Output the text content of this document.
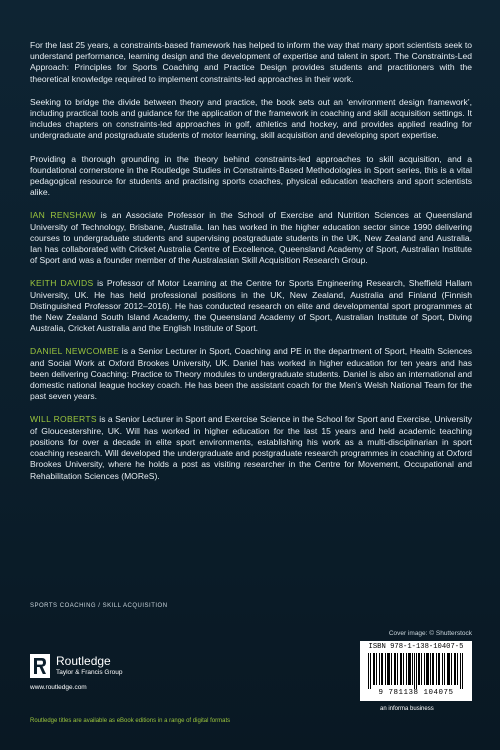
For the last 25 years, a constraints-based framework has helped to inform the way that many sport scientists seek to understand performance, learning design and the development of expertise and talent in sport. The Constraints-Led Approach: Principles for Sports Coaching and Practice Design provides students and practitioners with the theoretical knowledge required to implement constraints-led approaches in their work.

Seeking to bridge the divide between theory and practice, the book sets out an ‘environment design framework’, including practical tools and guidance for the application of the framework in coaching and skill acquisition settings. It includes chapters on constraints-led approaches in golf, athletics and hockey, and provides applied reading for undergraduate and postgraduate students of motor learning, skill acquisition and developing sport expertise.

Providing a thorough grounding in the theory behind constraints-led approaches to skill acquisition, and a foundational cornerstone in the Routledge Studies in Constraints-Based Methodologies in Sport series, this is a vital pedagogical resource for students and practising sports coaches, physical education teachers and sport scientists alike.

IAN RENSHAW is an Associate Professor in the School of Exercise and Nutrition Sciences at Queensland University of Technology, Brisbane, Australia. Ian has worked in the higher education sector since 1990 delivering courses to undergraduate students and supervising postgraduate students in the UK, New Zealand and Australia. Ian has collaborated with Cricket Australia Centre of Excellence, Queensland Academy of Sport, Australian Institute of Sport and was a founder member of the Australasian Skill Acquisition Research Group.

KEITH DAVIDS is Professor of Motor Learning at the Centre for Sports Engineering Research, Sheffield Hallam University, UK. He has held professional positions in the UK, New Zealand, Australia and Finland (Finnish Distinguished Professor 2012–2016). He has conducted research on elite and developmental sport programmes at the New Zealand South Island Academy, the Queensland Academy of Sport, Australian Institute of Sport, Diving Australia, Cricket Australia and the English Institute of Sport.

DANIEL NEWCOMBE is a Senior Lecturer in Sport, Coaching and PE in the department of Sport, Health Sciences and Social Work at Oxford Brookes University, UK. Daniel has worked in higher education for ten years and has been delivering Coaching: Practice to Theory modules to undergraduate students. Daniel is also an international and domestic national league hockey coach. He has been the assistant coach for the Men’s Welsh National Team for the past seven years.

WILL ROBERTS is a Senior Lecturer in Sport and Exercise Science in the School for Sport and Exercise, University of Gloucestershire, UK. Will has worked in higher education for the last 15 years and held academic teaching positions for over a decade in elite sport environments, establishing his work as a multi-disciplinarian in sport coaching research. Will developed the undergraduate and postgraduate research programmes in coaching at Oxford Brookes University, where he holds a post as visiting researcher in the Centre for Movement, Occupational and Rehabilitation Sciences (MOReS).

SPORTS COACHING / SKILL ACQUISITION
Cover image: © Shutterstock
Routledge
Taylor & Francis Group
www.routledge.com
ISBN 978-1-138-10407-5
9 781138 104075
an informa business
Routledge titles are available as eBook editions in a range of digital formats
